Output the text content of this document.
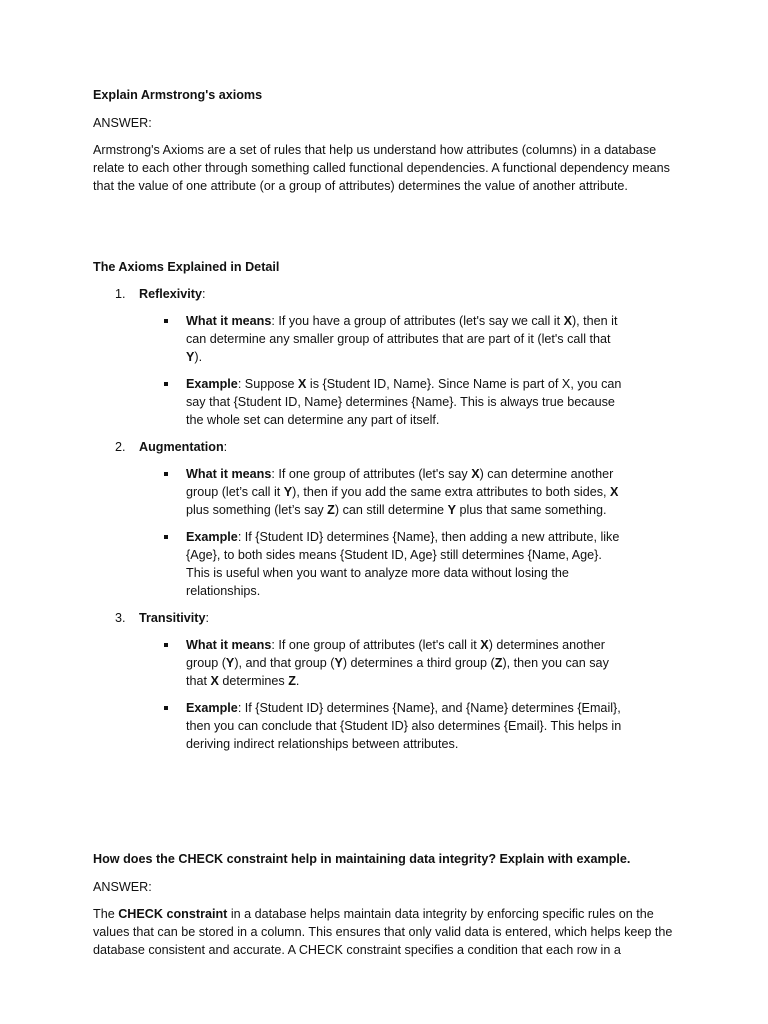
Explain Armstrong's axioms

ANSWER:

Armstrong's Axioms are a set of rules that help us understand how attributes (columns) in a database relate to each other through something called functional dependencies. A functional dependency means that the value of one attribute (or a group of attributes) determines the value of another attribute.

The Axioms Explained in Detail

1. Reflexivity:

What it means: If you have a group of attributes (let's say we call it X), then it can determine any smaller group of attributes that are part of it (let's call that Y).

Example: Suppose X is {Student ID, Name}. Since Name is part of X, you can say that {Student ID, Name} determines {Name}. This is always true because the whole set can determine any part of itself.

2. Augmentation:

What it means: If one group of attributes (let's say X) can determine another group (let’s call it Y), then if you add the same extra attributes to both sides, X plus something (let’s say Z) can still determine Y plus that same something.

Example: If {Student ID} determines {Name}, then adding a new attribute, like {Age}, to both sides means {Student ID, Age} still determines {Name, Age}. This is useful when you want to analyze more data without losing the relationships.

3. Transitivity:

What it means: If one group of attributes (let's call it X) determines another group (Y), and that group (Y) determines a third group (Z), then you can say that X determines Z.

Example: If {Student ID} determines {Name}, and {Name} determines {Email}, then you can conclude that {Student ID} also determines {Email}. This helps in deriving indirect relationships between attributes.

How does the CHECK constraint help in maintaining data integrity? Explain with example.

ANSWER:

The CHECK constraint in a database helps maintain data integrity by enforcing specific rules on the values that can be stored in a column. This ensures that only valid data is entered, which helps keep the database consistent and accurate. A CHECK constraint specifies a condition that each row in a
